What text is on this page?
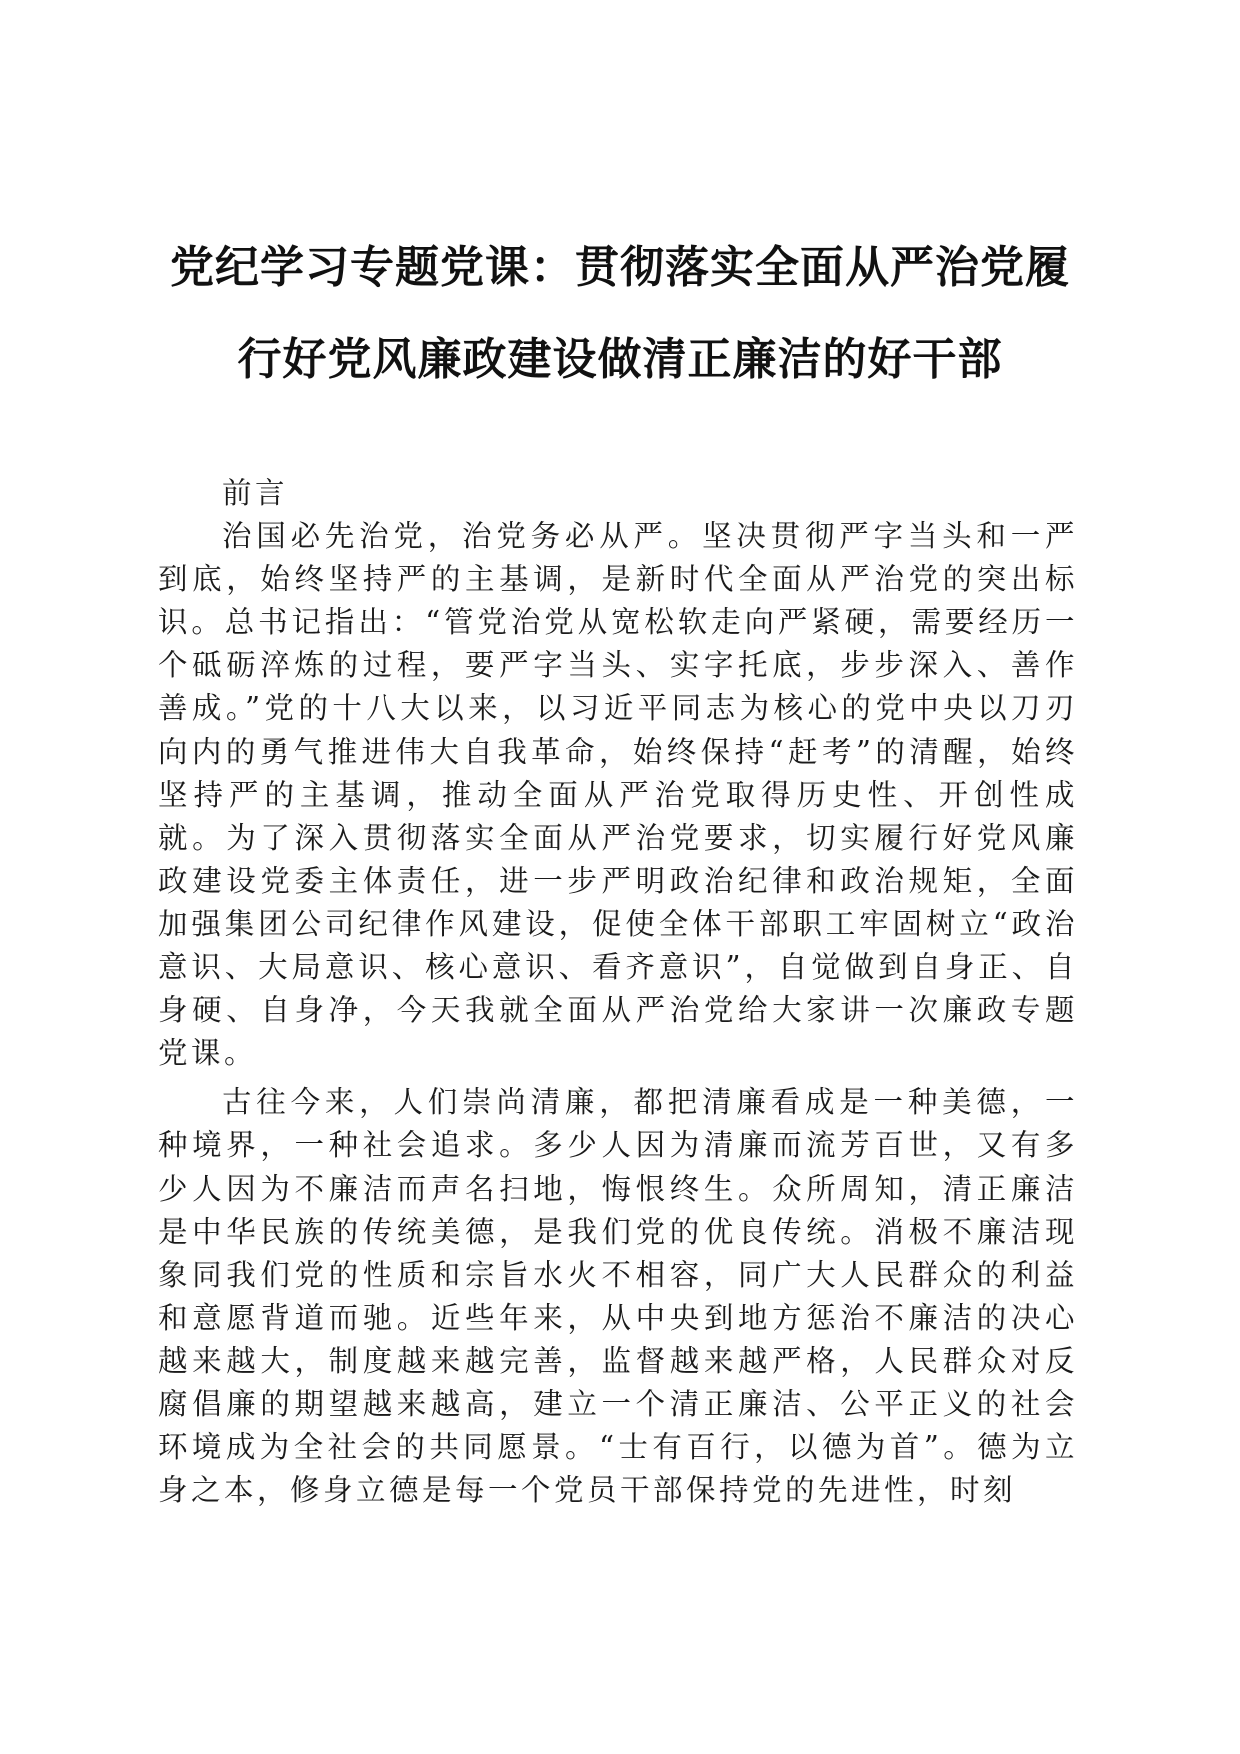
党纪学习专题党课：贯彻落实全面从严治党履
行好党风廉政建设做清正廉洁的好干部

前言

治国必先治党，治党务必从严。坚决贯彻严字当头和一严到底，始终坚持严的主基调，是新时代全面从严治党的突出标识。总书记指出：“管党治党从宽松软走向严紧硬，需要经历一个砥砺淬炼的过程，要严字当头、实字托底，步步深入、善作善成。”党的十八大以来，以习近平同志为核心的党中央以刀刃向内的勇气推进伟大自我革命，始终保持“赶考”的清醒，始终坚持严的主基调，推动全面从严治党取得历史性、开创性成就。为了深入贯彻落实全面从严治党要求，切实履行好党风廉政建设党委主体责任，进一步严明政治纪律和政治规矩，全面加强集团公司纪律作风建设，促使全体干部职工牢固树立“政治意识、大局意识、核心意识、看齐意识”，自觉做到自身正、自身硬、自身净，今天我就全面从严治党给大家讲一次廉政专题党课。

古往今来，人们崇尚清廉，都把清廉看成是一种美德，一种境界，一种社会追求。多少人因为清廉而流芳百世，又有多少人因为不廉洁而声名扫地，悔恨终生。众所周知，清正廉洁是中华民族的传统美德，是我们党的优良传统。消极不廉洁现象同我们党的性质和宗旨水火不相容，同广大人民群众的利益和意愿背道而驰。近些年来，从中央到地方惩治不廉洁的决心越来越大，制度越来越完善，监督越来越严格，人民群众对反腐倡廉的期望越来越高，建立一个清正廉洁、公平正义的社会环境成为全社会的共同愿景。“士有百行，以德为首”。德为立身之本，修身立德是每一个党员干部保持党的先进性，时刻
